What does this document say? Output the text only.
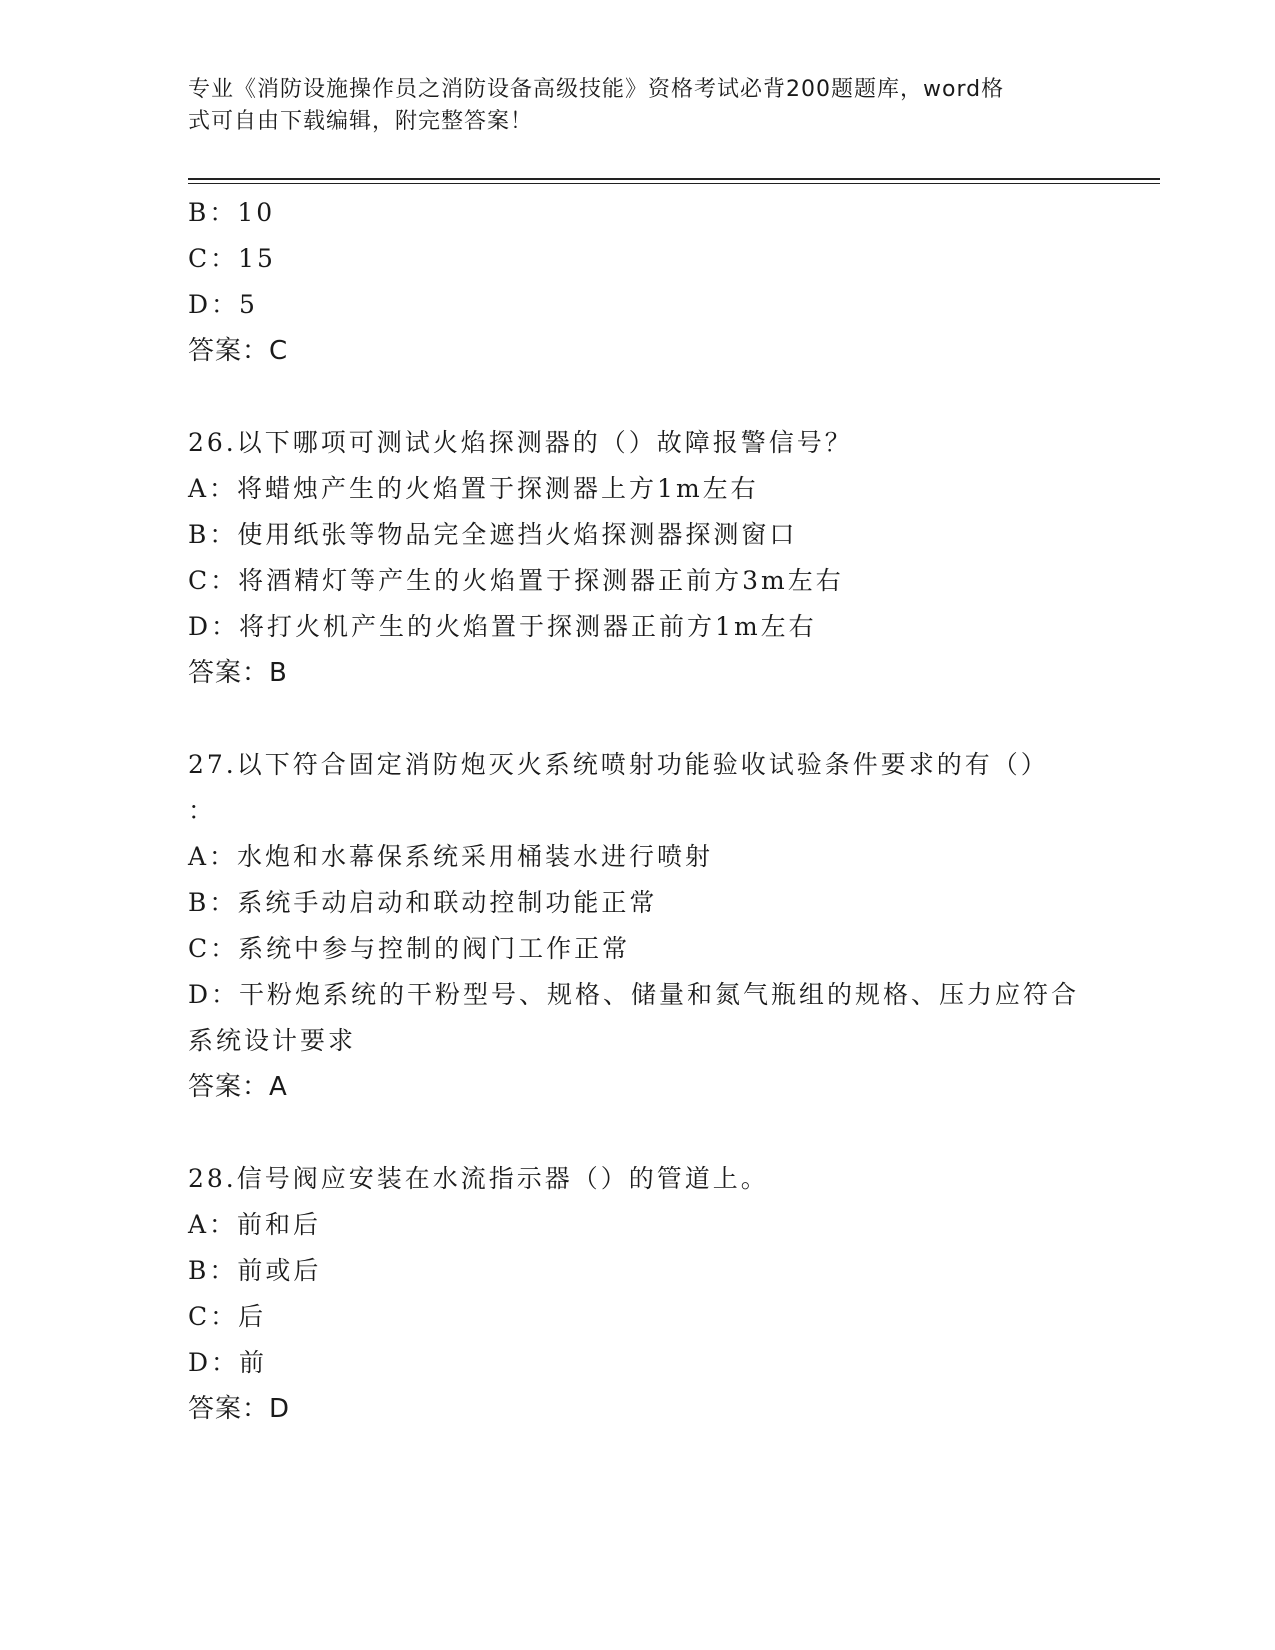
专业《消防设施操作员之消防设备高级技能》资格考试必背200题题库，word格
式可自由下载编辑，附完整答案！
B：10
C：15
D：5
答案：C
26.以下哪项可测试火焰探测器的（）故障报警信号？
A：将蜡烛产生的火焰置于探测器上方1m左右
B：使用纸张等物品完全遮挡火焰探测器探测窗口
C：将酒精灯等产生的火焰置于探测器正前方3m左右
D：将打火机产生的火焰置于探测器正前方1m左右
答案：B
27.以下符合固定消防炮灭火系统喷射功能验收试验条件要求的有（）
：
A：水炮和水幕保系统采用桶装水进行喷射
B：系统手动启动和联动控制功能正常
C：系统中参与控制的阀门工作正常
D：干粉炮系统的干粉型号、规格、储量和氮气瓶组的规格、压力应符合系统设计要求
答案：A
28.信号阀应安装在水流指示器（）的管道上。
A：前和后
B：前或后
C：后
D：前
答案：D
